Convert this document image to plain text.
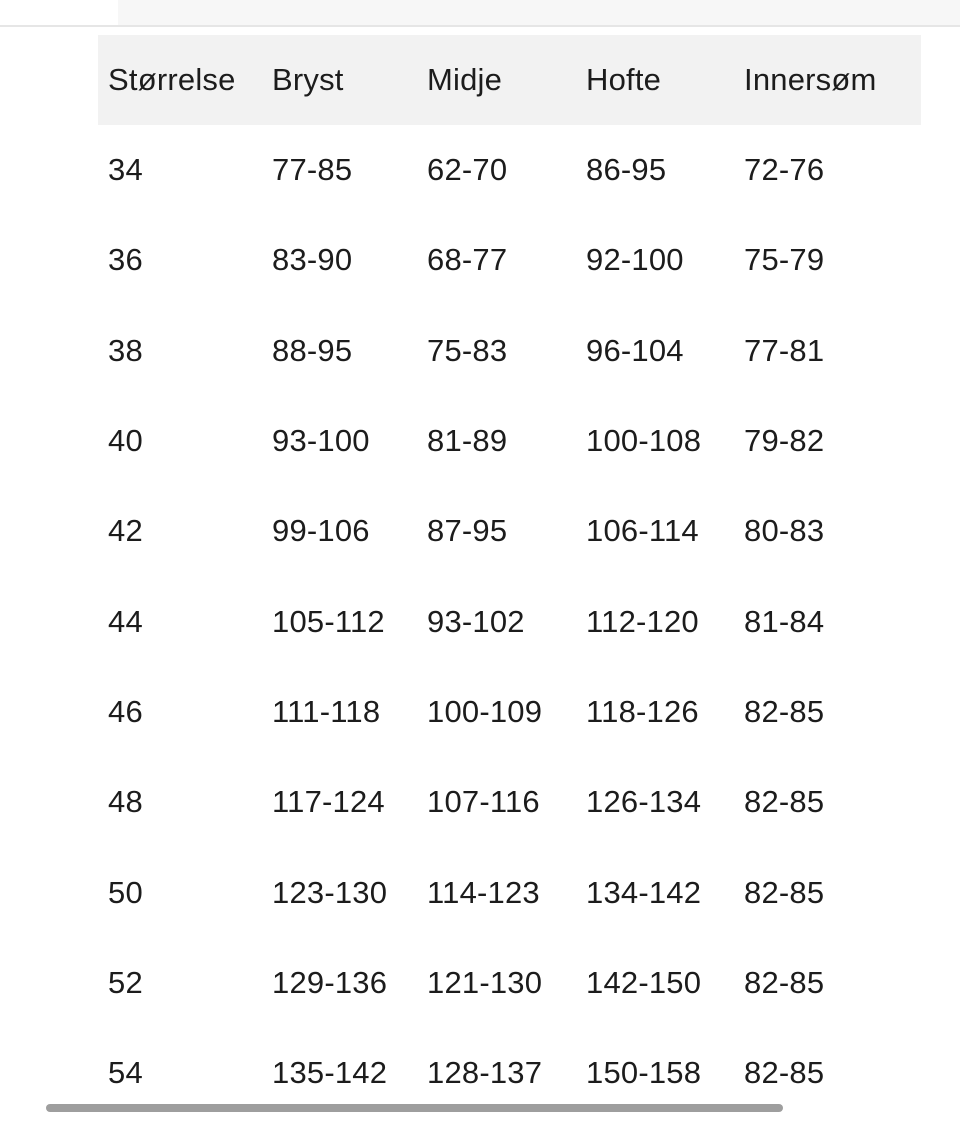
Størrelse	Bryst	Midje	Hofte	Innersøm
34	77-85	62-70	86-95	72-76
36	83-90	68-77	92-100	75-79
38	88-95	75-83	96-104	77-81
40	93-100	81-89	100-108	79-82
42	99-106	87-95	106-114	80-83
44	105-112	93-102	112-120	81-84
46	111-118	100-109	118-126	82-85
48	117-124	107-116	126-134	82-85
50	123-130	114-123	134-142	82-85
52	129-136	121-130	142-150	82-85
54	135-142	128-137	150-158	82-85
